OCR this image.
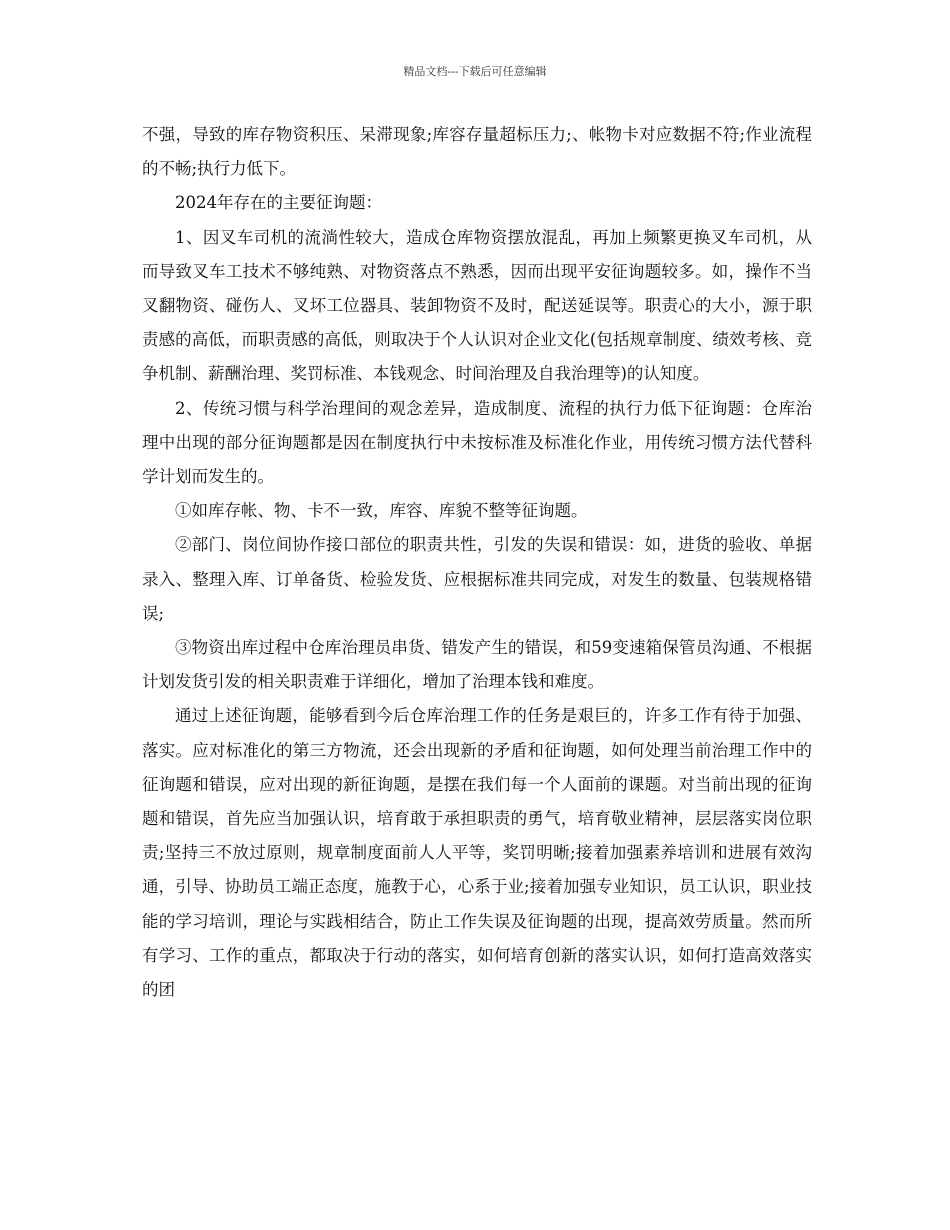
精品文档---下载后可任意编辑

不强，导致的库存物资积压、呆滞现象;库容存量超标压力;、帐物卡对应数据不符;作业流程的不畅;执行力低下。

2024年存在的主要征询题：

1、因叉车司机的流淌性较大，造成仓库物资摆放混乱，再加上频繁更换叉车司机，从而导致叉车工技术不够纯熟、对物资落点不熟悉，因而出现平安征询题较多。如，操作不当叉翻物资、碰伤人、叉坏工位器具、装卸物资不及时，配送延误等。职责心的大小，源于职责感的高低，而职责感的高低，则取决于个人认识对企业文化(包括规章制度、绩效考核、竞争机制、薪酬治理、奖罚标准、本钱观念、时间治理及自我治理等)的认知度。

2、传统习惯与科学治理间的观念差异，造成制度、流程的执行力低下征询题：仓库治理中出现的部分征询题都是因在制度执行中未按标准及标准化作业，用传统习惯方法代替科学计划而发生的。

①如库存帐、物、卡不一致，库容、库貌不整等征询题。

②部门、岗位间协作接口部位的职责共性，引发的失误和错误：如，进货的验收、单据录入、整理入库、订单备货、检验发货、应根据标准共同完成，对发生的数量、包装规格错误;

③物资出库过程中仓库治理员串货、错发产生的错误，和59变速箱保管员沟通、不根据计划发货引发的相关职责难于详细化，增加了治理本钱和难度。

通过上述征询题，能够看到今后仓库治理工作的任务是艰巨的，许多工作有待于加强、落实。应对标准化的第三方物流，还会出现新的矛盾和征询题，如何处理当前治理工作中的征询题和错误，应对出现的新征询题，是摆在我们每一个人面前的课题。对当前出现的征询题和错误，首先应当加强认识，培育敢于承担职责的勇气，培育敬业精神，层层落实岗位职责;坚持三不放过原则，规章制度面前人人平等，奖罚明晰;接着加强素养培训和进展有效沟通，引导、协助员工端正态度，施教于心，心系于业;接着加强专业知识，员工认识，职业技能的学习培训，理论与实践相结合，防止工作失误及征询题的出现，提高效劳质量。然而所有学习、工作的重点，都取决于行动的落实，如何培育创新的落实认识，如何打造高效落实的团
